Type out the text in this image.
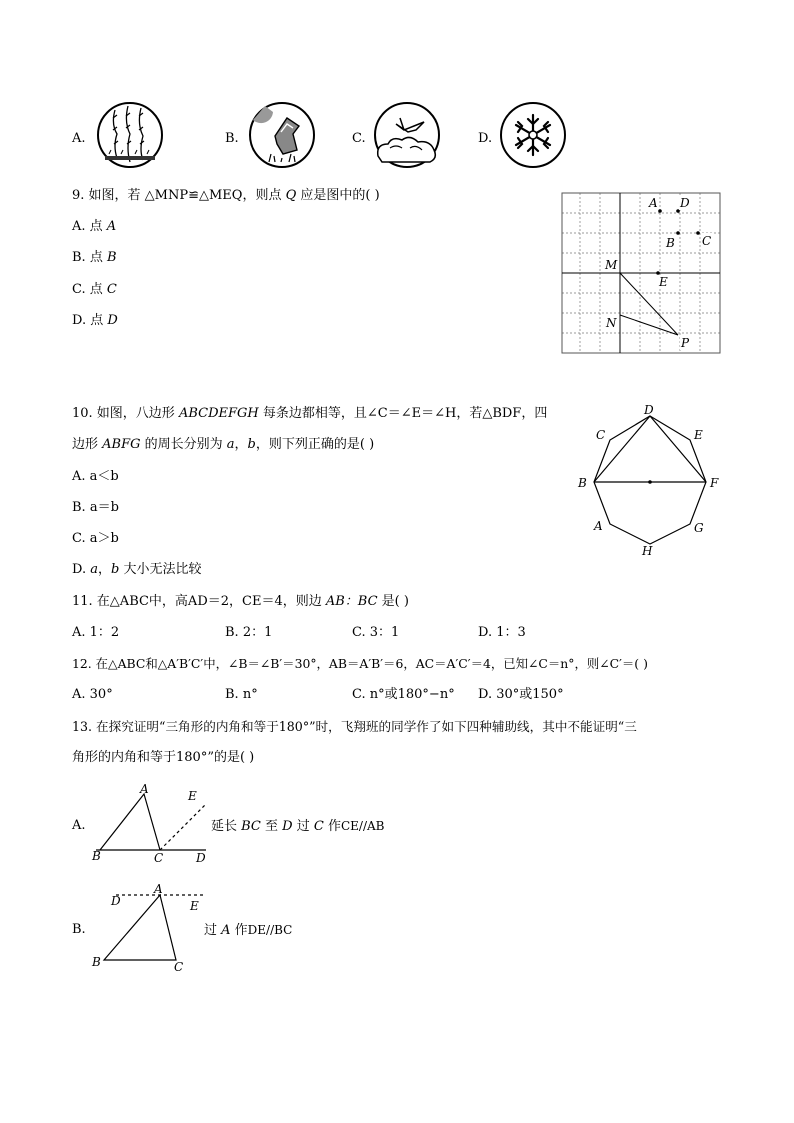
A.	B.	C.	D.
9. 如图，若 △MNP≌△MEQ，则点 Q 应是图中的( )
A. 点 A
B. 点 B
C. 点 C
D. 点 D
A D
B C
M
E
N
P
10. 如图，八边形 ABCDEFGH 每条边都相等，且∠C＝∠E＝∠H，若△BDF，四
边形 ABFG 的周长分别为 a，b，则下列正确的是( )
A. a＜b
B. a＝b
C. a＞b
D. a，b 大小无法比较
D
C	E
B	F
A	G
H
11. 在△ABC中，高AD＝2，CE＝4，则边 AB：BC 是( )
A. 1：2	B. 2：1	C. 3：1	D. 1：3
12. 在△ABC和△A′B′C′中，∠B＝∠B′＝30°，AB＝A′B′＝6，AC＝A′C′＝4，已知∠C＝n°，则∠C′＝( )
A. 30°	B. n°	C. n°或180°−n° D. 30°或150°
13. 在探究证明“三角形的内角和等于180°”时，飞翔班的同学作了如下四种辅助线，其中不能证明“三
角形的内角和等于180°”的是( )
A.
A
B	C	D
E
延长 BC 至 D 过 C 作CE//AB
B.
A
D	E
B	C
过 A 作DE//BC
